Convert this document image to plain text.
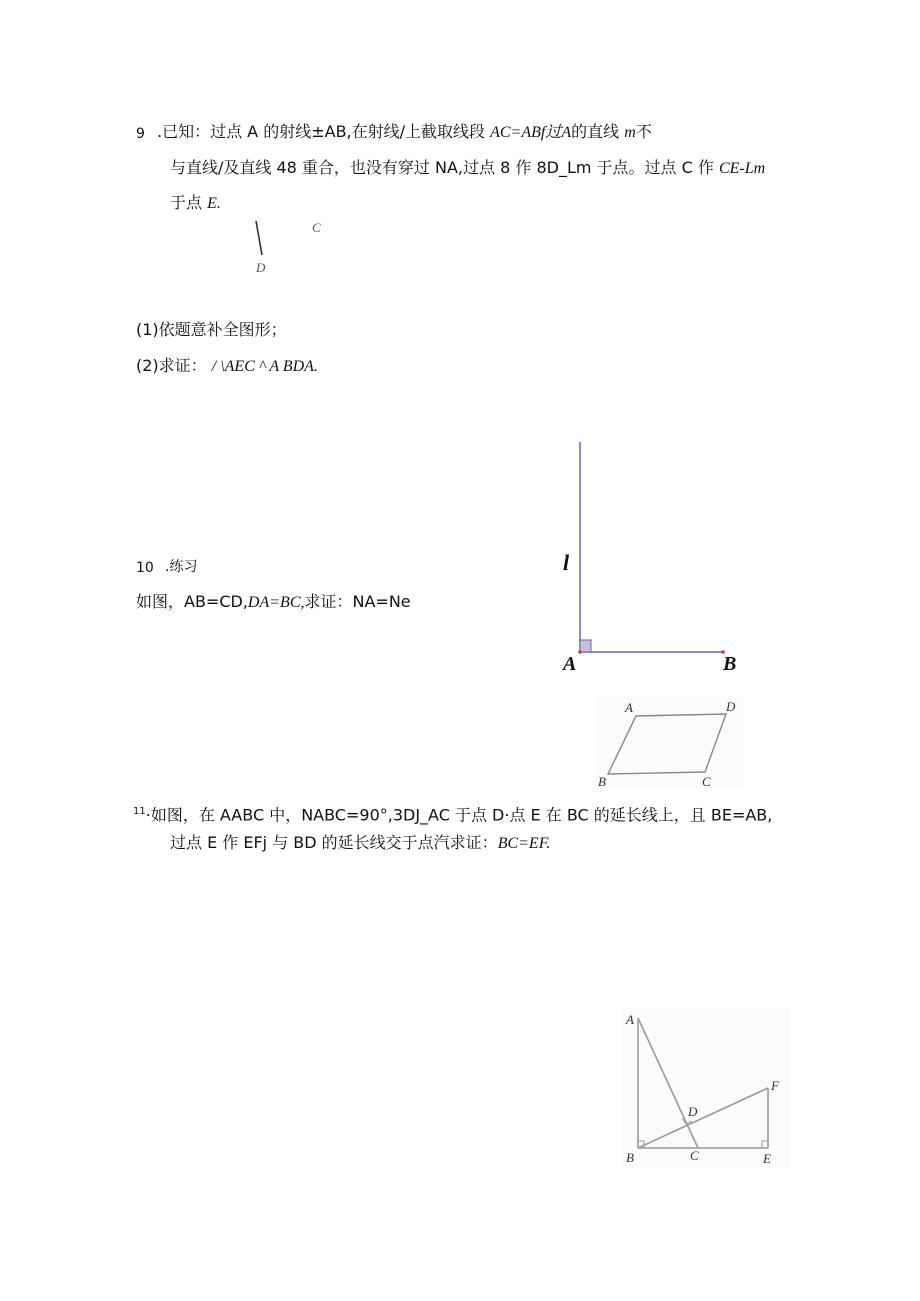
9 .已知：过点 A 的射线±AB,在射线/上截取线段 AC=ABf过A的直线 m不
与直线/及直线 48 重合，也没有穿过 NA,过点 8 作 8D_Lm 于点。过点 C 作 CE-Lm
于点 E.
D
C
(1)依题意补全图形；
(2)求证： / \AEC ^ A BDA.
l
A	B
10 .练习
如图，AB=CD,DA=BC,求证：NA=Ne
A	D
B	C
$^{11}$·如图，在 AABC 中，NABC=90°,3DJ_AC 于点 D·点 E 在 BC 的延长线上，且 BE=AB,
过点 E 作 EFj 与 BD 的延长线交于点汽求证：BC=EF.
A
F
D
B	C	E
